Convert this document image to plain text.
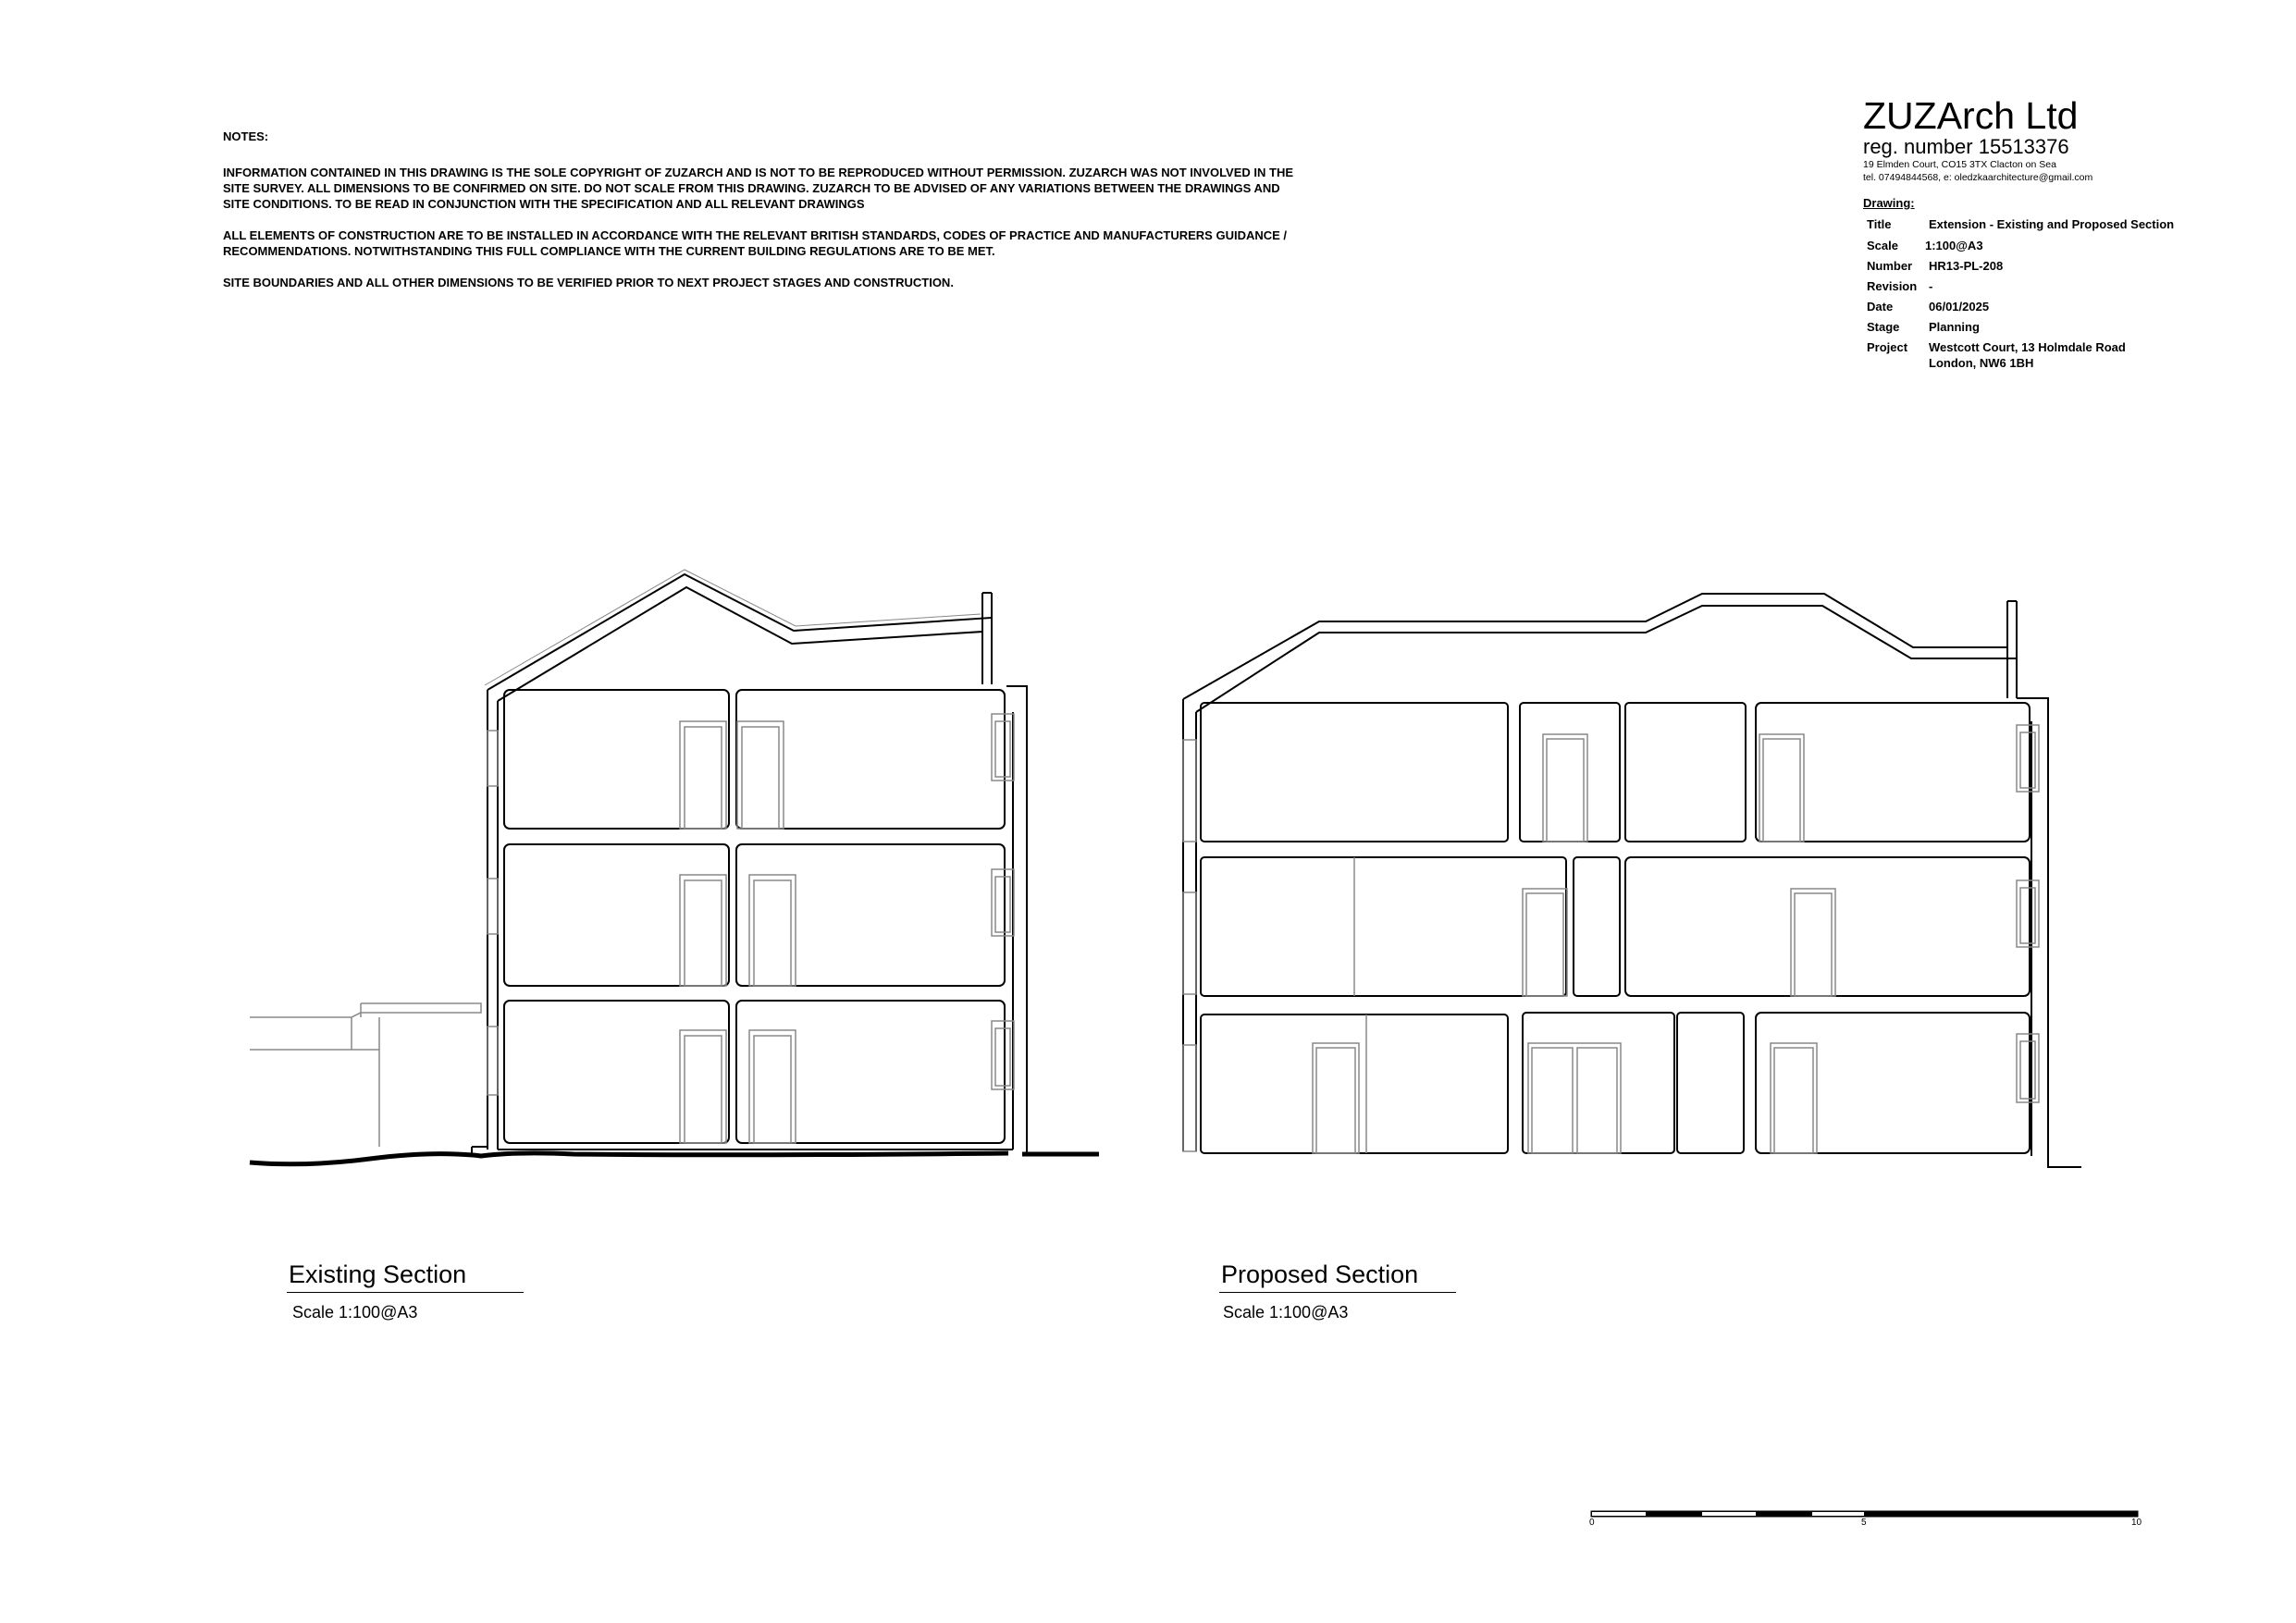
NOTES:

INFORMATION CONTAINED IN THIS DRAWING IS THE SOLE COPYRIGHT OF ZUZARCH AND IS NOT TO BE REPRODUCED WITHOUT PERMISSION. ZUZARCH WAS NOT INVOLVED IN THE SITE SURVEY. ALL DIMENSIONS TO BE CONFIRMED ON SITE. DO NOT SCALE FROM THIS DRAWING. ZUZARCH TO BE ADVISED OF ANY VARIATIONS BETWEEN THE DRAWINGS AND SITE CONDITIONS. TO BE READ IN CONJUNCTION WITH THE SPECIFICATION AND ALL RELEVANT DRAWINGS

ALL ELEMENTS OF CONSTRUCTION ARE TO BE INSTALLED IN ACCORDANCE WITH THE RELEVANT BRITISH STANDARDS, CODES OF PRACTICE AND MANUFACTURERS GUIDANCE / RECOMMENDATIONS. NOTWITHSTANDING THIS FULL COMPLIANCE WITH THE CURRENT BUILDING REGULATIONS ARE TO BE MET.

SITE BOUNDARIES AND ALL OTHER DIMENSIONS TO BE VERIFIED PRIOR TO NEXT PROJECT STAGES AND CONSTRUCTION.

ZUZArch Ltd
reg. number 15513376
19 Elmden Court, CO15 3TX Clacton on Sea
tel. 07494844568, e: oledzkaarchitecture@gmail.com
Drawing:
Title	Extension - Existing and Proposed Section
Scale	1:100@A3
Number	HR13-PL-208
Revision -
Date	06/01/2025
Stage	Planning
Project	Westcott Court, 13 Holmdale Road
London, NW6 1BH
Existing Section
Scale 1:100@A3
Proposed Section
Scale 1:100@A3
0	5	10
